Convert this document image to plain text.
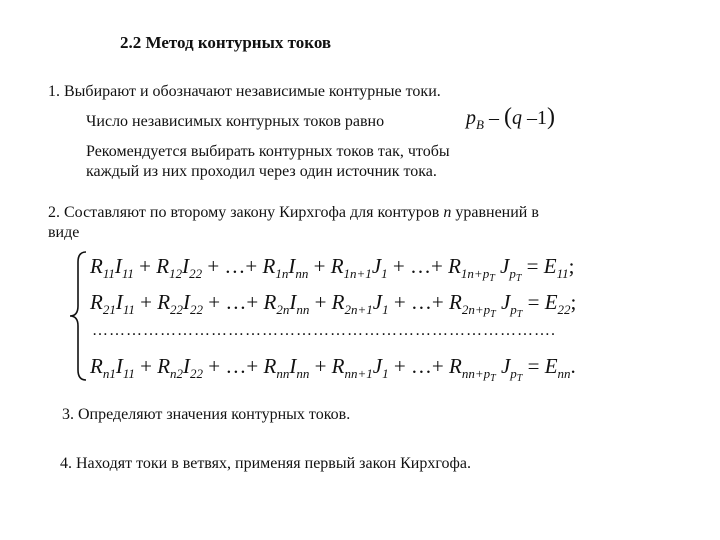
2.2 Метод контурных токов
1. Выбирают и обозначают независимые контурные токи.
Число независимых контурных токов равно	$p_B - (q$ –1)
Рекомендуется выбирать контурных токов так, чтобы
каждый из них проходил через один источник тока.
2. Составляют по второму закону Кирхгофа для контуров n уравнений в
виде
$R_{11}I_{11} + R_{12}I_{22}$ + …+ $R_{1n}I_{nn} + R_{1n+1}J_1$ + …+ $R_{1n+p_T}$ $J_{p_T} = E_{11}$;
$R_{21}I_{11} + R_{22}I_{22}$ + …+ $R_{2n}I_{nn} + R_{2n+1}J_1$ + …+ $R_{2n+p_T}$ $J_{p_T} = E_{22}$;
……………………………………………………………………….
$R_{n1}I_{11} + R_{n2}I_{22}$ + …+ $R_{nn}I_{nn} + R_{nn+1}J_1$ + …+ $R_{nn+p_T}$ $J_{p_T} = E_{nn}$.
3. Определяют значения контурных токов.
4. Находят токи в ветвях, применяя первый закон Кирхгофа.
